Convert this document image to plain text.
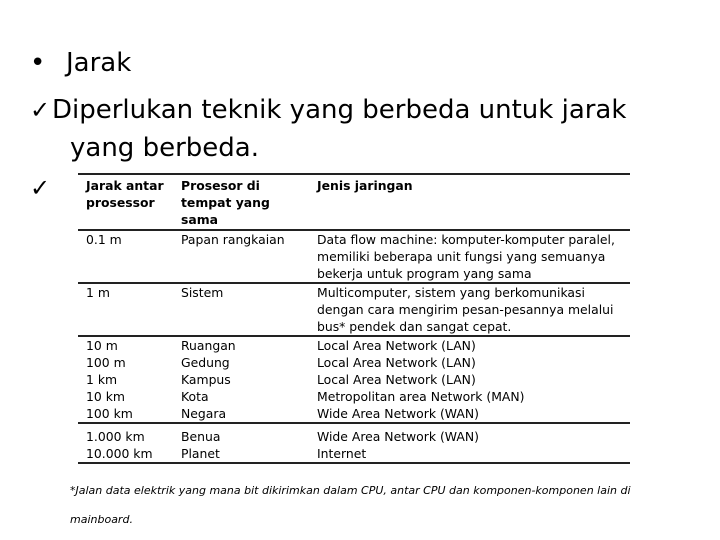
• Jarak
✓Diperlukan teknik yang berbeda untuk jarak
yang berbeda.
✓	Jarak antar prosessor	Prosesor di tempat yang sama	Jenis jaringan
0.1 m	Papan rangkaian	Data flow machine: komputer-komputer paralel, memiliki beberapa unit fungsi yang semuanya bekerja untuk program yang sama
1 m	Sistem	Multicomputer, sistem yang berkomunikasi dengan cara mengirim pesan-pesannya melalui bus* pendek dan sangat cepat.
10 m	Ruangan	Local Area Network (LAN)
100 m	Gedung	Local Area Network (LAN)
1 km	Kampus	Local Area Network (LAN)
10 km	Kota	Metropolitan area Network (MAN)
100 km	Negara	Wide Area Network (WAN)

1.000 km	Benua	Wide Area Network (WAN)
10.000 km	Planet	Internet
*Jalan data elektrik yang mana bit dikirimkan dalam CPU, antar CPU dan komponen-komponen lain di mainboard.
